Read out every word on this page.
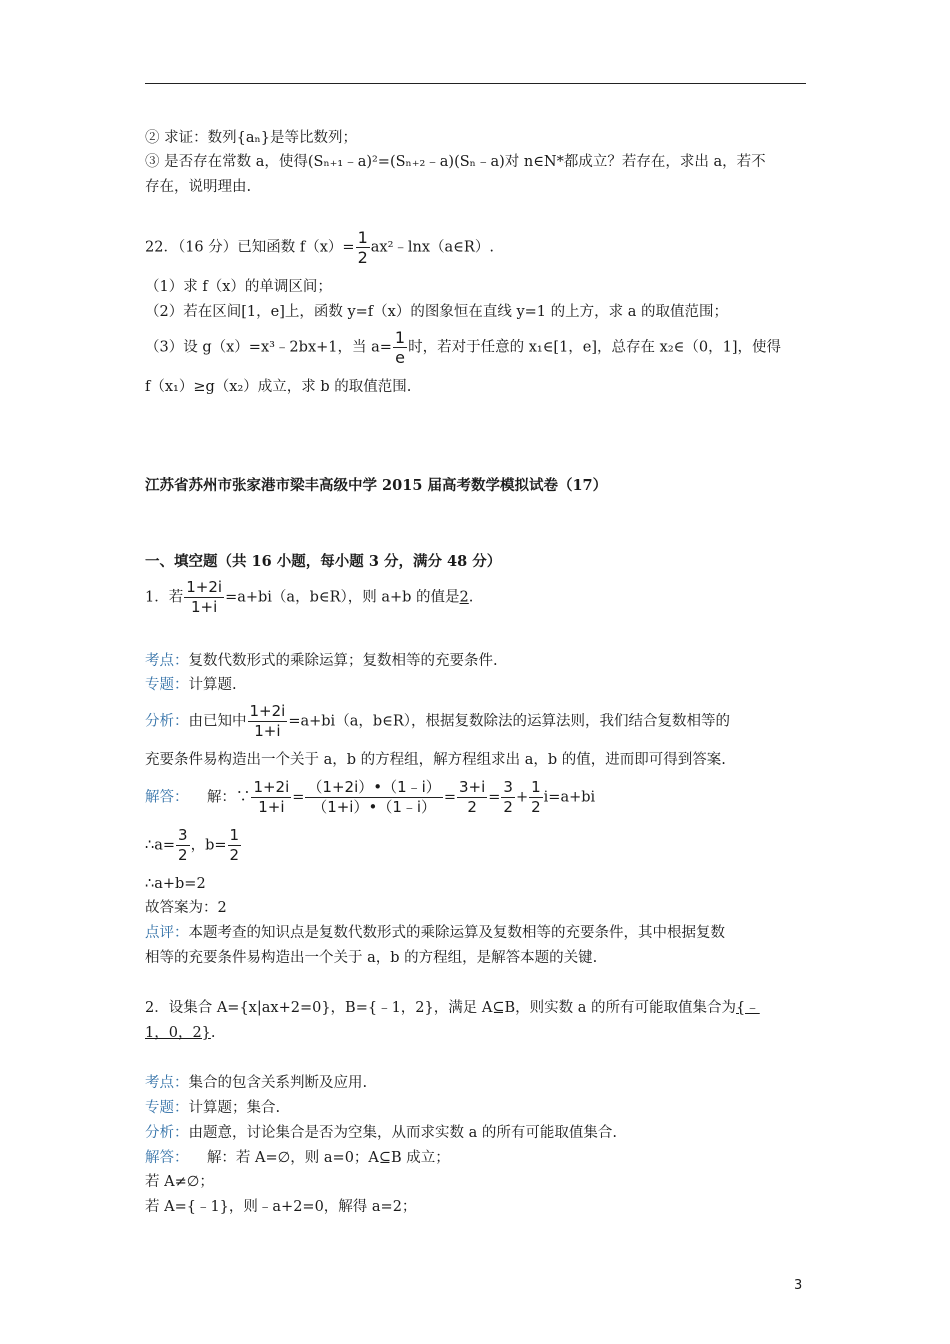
② 求证：数列{aₙ}是等比数列；
③ 是否存在常数 a，使得(Sₙ₊₁﹣a)²=(Sₙ₊₂﹣a)(Sₙ﹣a)对 n∈N*都成立？若存在，求出 a，若不
存在，说明理由.
22．（16 分）已知函数 $f(x)= \frac{1}{2}$ ax²﹣lnx（a∈R）.
（1）求 f（x）的单调区间；
（2）若在区间[1，e]上，函数 y=f（x）的图象恒在直线 y=1 的上方，求 a 的取值范围；
（3）设 g（x）=x³﹣2bx+1，当 $a= \frac{1}{e}$ 时，若对于任意的 x₁∈[1，e]，总存在 x₂∈（0，1]，使得
f（x₁）≥g（x₂）成立，求 b 的取值范围.
江苏省苏州市张家港市梁丰高级中学 2015 届高考数学模拟试卷（17）
一、填空题（共 16 小题，每小题 3 分，满分 48 分）
1．若 $\frac{1+2i}{1+i} =a+bi(a$，b∈R），则 a+b 的值是2.
考点：复数代数形式的乘除运算；复数相等的充要条件.
专题：计算题.
分析：由已知中 $\frac{1+2i}{1+i} =a+bi(a$，b∈R），根据复数除法的运算法则，我们结合复数相等的
充要条件易构造出一个关于 a，b 的方程组，解方程组求出 a，b 的值，进而即可得到答案.
解答： 解：∵ $\frac{1+2i}{1+i} = \frac{(1+2i)•(1﹣i)}{(1+i)•(1﹣i)} = \frac{3+i}{2} = \frac{3}{2} + \frac{1}{2} i=a+bi$
∴a= $\frac{3}{2}$ ，$b= \frac{1}{2}$
∴a+b=2
故答案为：2
点评：本题考查的知识点是复数代数形式的乘除运算及复数相等的充要条件，其中根据复数
相等的充要条件易构造出一个关于 a，b 的方程组，是解答本题的关键.
2．设集合 A={x|ax+2=0}，B={﹣1，2}，满足 A⊆B，则实数 a 的所有可能取值集合为{﹣
1，0，2}.
考点：集合的包含关系判断及应用.
专题：计算题；集合.
分析：由题意，讨论集合是否为空集，从而求实数 a 的所有可能取值集合.
解答： 解：若 A=∅，则 a=0；A⊆B 成立；
若 A≠∅；
若 A={﹣1}，则﹣a+2=0，解得 a=2；
3
